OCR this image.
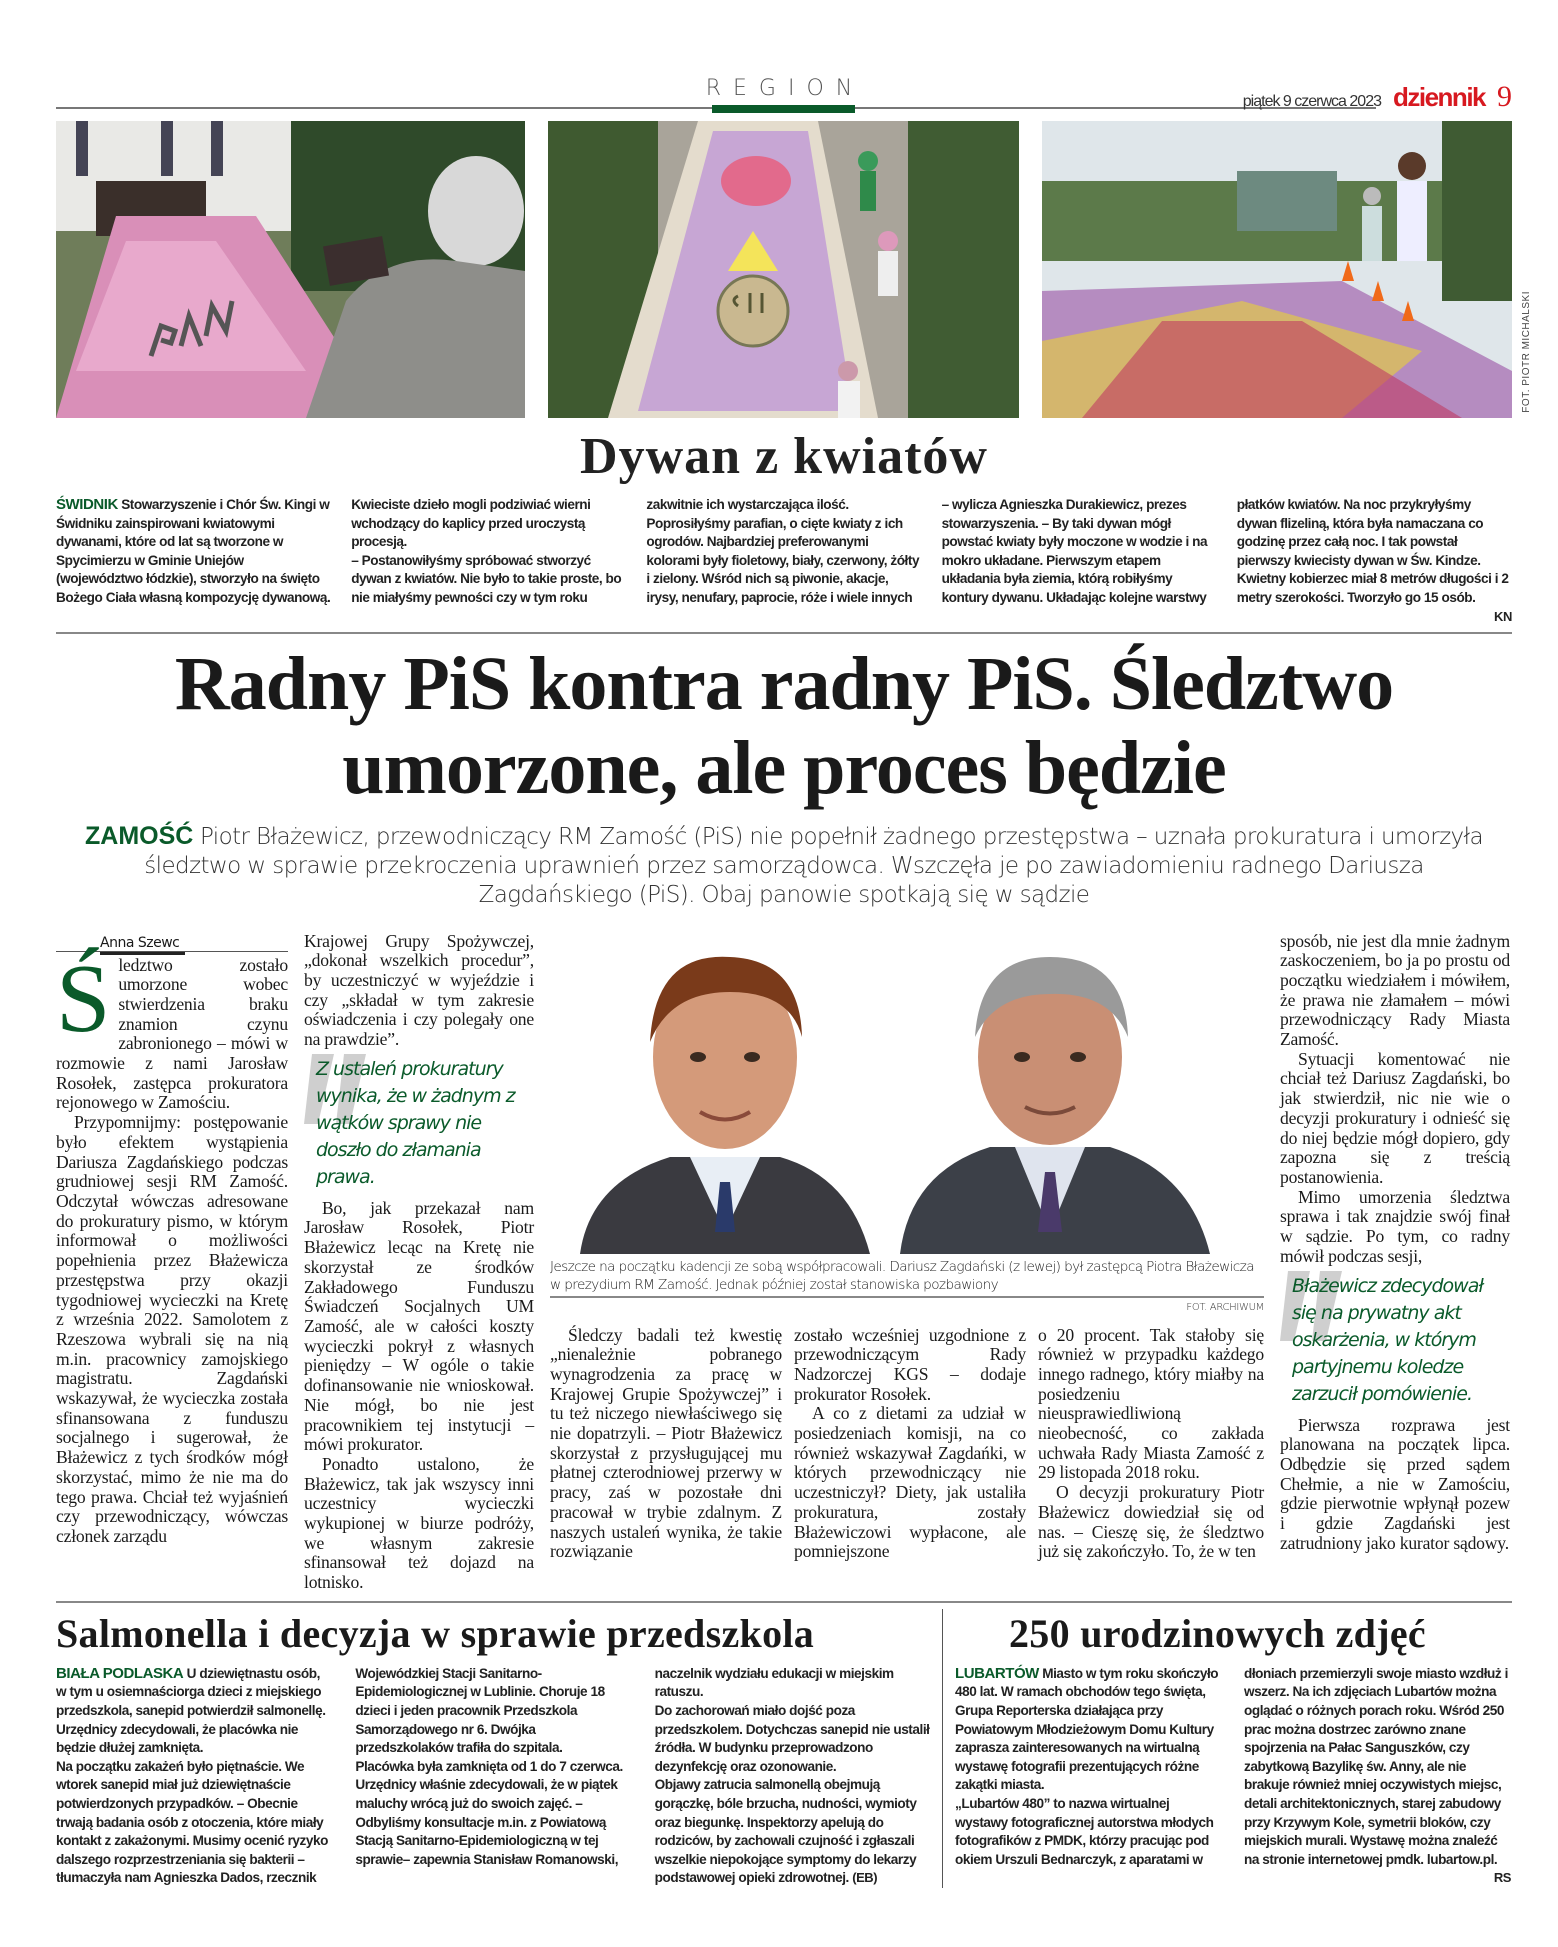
REGION
piątek 9 czerwca 2023 dziennik 9
FOT. PIOTR MICHALSKI
Dywan z kwiatów
ŚWIDNIK Stowarzyszenie i Chór Św. Kingi w Świdniku zainspirowani kwiatowymi dywanami, które od lat są tworzone w Spycimierzu w Gminie Uniejów (województwo łódzkie), stworzyło na święto Bożego Ciała własną kompozycję dywanową. Kwieciste dzieło mogli podziwiać wierni wchodzący do kaplicy przed uroczystą procesją.
– Postanowiłyśmy spróbować stworzyć dywan z kwiatów. Nie było to takie proste, bo nie miałyśmy pewności czy w tym roku zakwitnie ich wystarczająca ilość. Poprosiłyśmy parafian, o cięte kwiaty z ich ogrodów. Najbardziej preferowanymi kolorami były fioletowy, biały, czerwony, żółty i zielony. Wśród nich są piwonie, akacje, irysy, nenufary, paprocie, róże i wiele innych – wylicza Agnieszka Durakiewicz, prezes stowarzyszenia. – By taki dywan mógł powstać kwiaty były moczone w wodzie i na mokro układane. Pierwszym etapem układania była ziemia, którą robiłyśmy kontury dywanu. Układając kolejne warstwy płatków kwiatów. Na noc przykryłyśmy dywan flizeliną, która była namaczana co godzinę przez całą noc. I tak powstał pierwszy kwiecisty dywan w Św. Kindze.
Kwietny kobierzec miał 8 metrów długości i 2 metry szerokości. Tworzyło go 15 osób.
KN
Radny PiS kontra radny PiS. Śledztwo umorzone, ale proces będzie
ZAMOŚĆ Piotr Błażewicz, przewodniczący RM Zamość (PiS) nie popełnił żadnego przestępstwa – uznała prokuratura i umorzyła śledztwo w sprawie przekroczenia uprawnień przez samorządowca. Wszczęła je po zawiadomieniu radnego Dariusza Zagdańskiego (PiS). Obaj panowie spotkają się w sądzie
Anna Szewc

Śledztwo zostało umorzone wobec stwierdzenia braku znamion czynu zabronionego – mówi w rozmowie z nami Jarosław Rosołek, zastępca prokuratora rejonowego w Zamościu.

Przypomnijmy: postępowanie było efektem wystąpienia Dariusza Zagdańskiego podczas grudniowej sesji RM Zamość. Odczytał wówczas adresowane do prokuratury pismo, w którym informował o możliwości popełnienia przez Błażewicza przestępstwa przy okazji tygodniowej wycieczki na Kretę z września 2022. Samolotem z Rzeszowa wybrali się na nią m.in. pracownicy zamojskiego magistratu. Zagdański wskazywał, że wycieczka została sfinansowana z funduszu socjalnego i sugerował, że Błażewicz z tych środków mógł skorzystać, mimo że nie ma do tego prawa. Chciał też wyjaśnień czy przewodniczący, wówczas członek zarządu

Krajowej Grupy Spożywczej, „dokonał wszelkich procedur”, by uczestniczyć w wyjeździe i czy „składał w tym zakresie oświadczenia i czy polegały one na prawdzie”.

Z ustaleń prokuratury wynika, że w żadnym z wątków sprawy nie doszło do złamania prawa.

Bo, jak przekazał nam Jarosław Rosołek, Piotr Błażewicz lecąc na Kretę nie skorzystał ze środków Zakładowego Funduszu Świadczeń Socjalnych UM Zamość, ale w całości koszty wycieczki pokrył z własnych pieniędzy – W ogóle o takie dofinansowanie nie wnioskował. Nie mógł, bo nie jest pracownikiem tej instytucji – mówi prokurator.

Ponadto ustalono, że Błażewicz, tak jak wszyscy inni uczestnicy wycieczki wykupionej w biurze podróży, we własnym zakresie sfinansował też dojazd na lotnisko.

Jeszcze na początku kadencji ze sobą współpracowali. Dariusz Zagdański (z lewej) był zastępcą Piotra Błażewicza w prezydium RM Zamość. Jednak później został stanowiska pozbawiony
FOT. ARCHIWUM

Śledczy badali też kwestię „nienależnie pobranego wynagrodzenia za pracę w Krajowej Grupie Spożywczej” i tu też niczego niewłaściwego się nie dopatrzyli. – Piotr Błażewicz skorzystał z przysługującej mu płatnej czterodniowej przerwy w pracy, zaś w pozostałe dni pracował w trybie zdalnym. Z naszych ustaleń wynika, że takie rozwiązanie

zostało wcześniej uzgodnione z przewodniczącym Rady Nadzorczej KGS – dodaje prokurator Rosołek.

A co z dietami za udział w posiedzeniach komisji, na co również wskazywał Zagdańki, w których przewodniczący nie uczestniczył? Diety, jak ustaliła prokuratura, zostały Błażewiczowi wypłacone, ale pomniejszone

o 20 procent. Tak stałoby się również w przypadku każdego innego radnego, który miałby na posiedzeniu nieusprawiedliwioną nieobecność, co zakłada uchwała Rady Miasta Zamość z 29 listopada 2018 roku.

O decyzji prokuratury Piotr Błażewicz dowiedział się od nas. – Cieszę się, że śledztwo już się zakończyło. To, że w ten

sposób, nie jest dla mnie żadnym zaskoczeniem, bo ja po prostu od początku wiedziałem i mówiłem, że prawa nie złamałem – mówi przewodniczący Rady Miasta Zamość.

Sytuacji komentować nie chciał też Dariusz Zagdański, bo jak stwierdził, nic nie wie o decyzji prokuratury i odnieść się do niej będzie mógł dopiero, gdy zapozna się z treścią postanowienia.

Mimo umorzenia śledztwa sprawa i tak znajdzie swój finał w sądzie. Po tym, co radny mówił podczas sesji,

Błażewicz zdecydował się na prywatny akt oskarżenia, w którym partyjnemu koledze zarzucił pomówienie.

Pierwsza rozprawa jest planowana na początek lipca. Odbędzie się przed sądem Chełmie, a nie w Zamościu, gdzie pierwotnie wpłynął pozew i gdzie Zagdański jest zatrudniony jako kurator sądowy.

Salmonella i decyzja w sprawie przedszkola
BIAŁA PODLASKA U dziewiętnastu osób, w tym u osiemnaściorga dzieci z miejskiego przedszkola, sanepid potwierdził salmonellę. Urzędnicy zdecydowali, że placówka nie będzie dłużej zamknięta.
Na początku zakażeń było piętnaście. We wtorek sanepid miał już dziewiętnaście potwierdzonych przypadków. – Obecnie trwają badania osób z otoczenia, które miały kontakt z zakażonymi. Musimy ocenić ryzyko dalszego rozprzestrzeniania się bakterii – tłumaczyła nam Agnieszka Dados, rzecznik Wojewódzkiej Stacji Sanitarno-Epidemiologicznej w Lublinie. Choruje 18 dzieci i jeden pracownik Przedszkola Samorządowego nr 6. Dwójka przedszkolaków trafiła do szpitala.
Placówka była zamknięta od 1 do 7 czerwca. Urzędnicy właśnie zdecydowali, że w piątek maluchy wrócą już do swoich zajęć. – Odbyliśmy konsultacje m.in. z Powiatową Stacją Sanitarno-Epidemiologiczną w tej sprawie– zapewnia Stanisław Romanowski, naczelnik wydziału edukacji w miejskim ratuszu.
Do zachorowań miało dojść poza przedszkolem. Dotychczas sanepid nie ustalił źródła. W budynku przeprowadzono dezynfekcję oraz ozonowanie.
Objawy zatrucia salmonellą obejmują gorączkę, bóle brzucha, nudności, wymioty oraz biegunkę. Inspektorzy apelują do rodziców, by zachowali czujność i zgłaszali wszelkie niepokojące symptomy do lekarzy podstawowej opieki zdrowotnej. (EB)
250 urodzinowych zdjęć
LUBARTÓW Miasto w tym roku skończyło 480 lat. W ramach obchodów tego święta, Grupa Reporterska działająca przy Powiatowym Młodzieżowym Domu Kultury zaprasza zainteresowanych na wirtualną wystawę fotografii prezentujących różne zakątki miasta.
„Lubartów 480” to nazwa wirtualnej wystawy fotograficznej autorstwa młodych fotografików z PMDK, którzy pracując pod okiem Urszuli Bednarczyk, z aparatami w dłoniach przemierzyli swoje miasto wzdłuż i wszerz. Na ich zdjęciach Lubartów można oglądać o różnych porach roku. Wśród 250 prac można dostrzec zarówno znane spojrzenia na Pałac Sanguszków, czy zabytkową Bazylikę św. Anny, ale nie brakuje również mniej oczywistych miejsc, detali architektonicznych, starej zabudowy przy Krzywym Kole, symetrii bloków, czy miejskich murali. Wystawę można znaleźć na stronie internetowej pmdk. lubartow.pl.
RS
